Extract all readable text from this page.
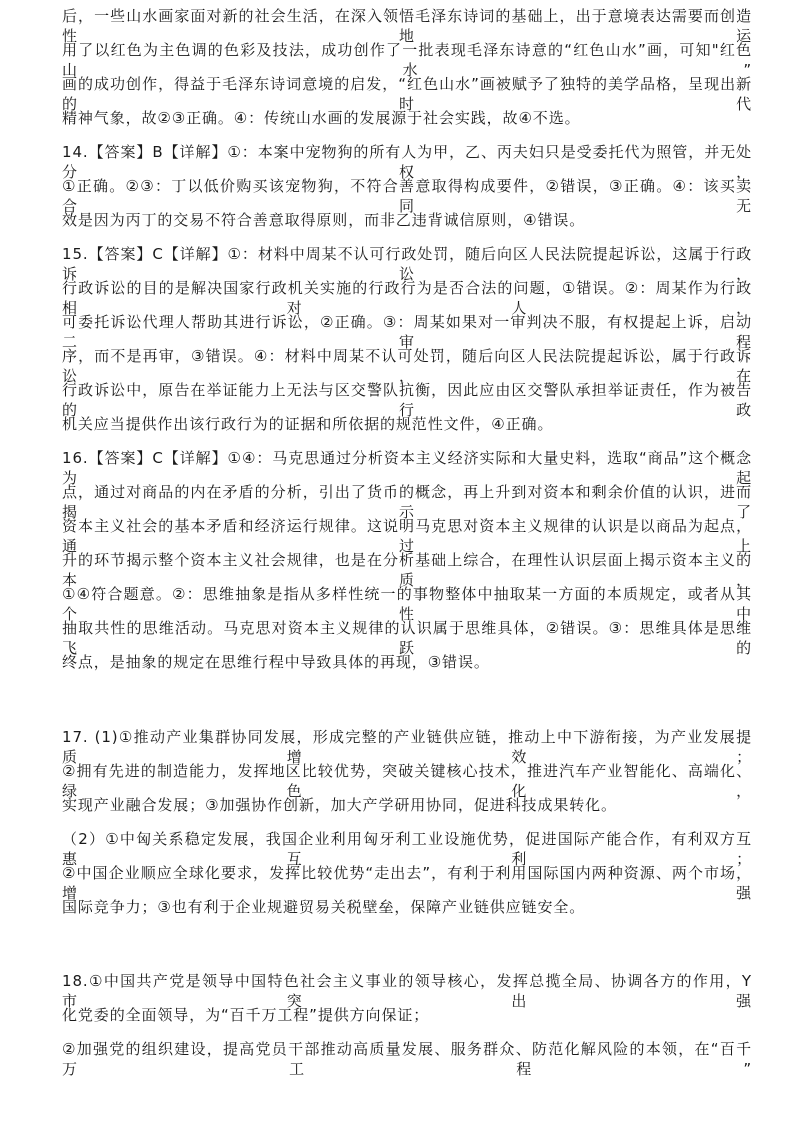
后，一些山水画家面对新的社会生活，在深入领悟毛泽东诗词的基础上，出于意境表达需要而创造性地运
用了以红色为主色调的色彩及技法，成功创作了一批表现毛泽东诗意的“红色山水”画，可知"红色山水”
画的成功创作，得益于毛泽东诗词意境的启发，“红色山水”画被赋予了独特的美学品格，呈现出新的时代
精神气象，故②③正确。④：传统山水画的发展源于社会实践，故④不选。
14.【答案】B【详解】①：本案中宠物狗的所有人为甲，乙、丙夫妇只是受委托代为照管，并无处分权，
①正确。②③：丁以低价购买该宠物狗，不符合善意取得构成要件，②错误，③正确。④：该买卖合同无
效是因为丙丁的交易不符合善意取得原则，而非乙违背诚信原则，④错误。
15.【答案】C【详解】①：材料中周某不认可行政处罚，随后向区人民法院提起诉讼，这属于行政诉讼，
行政诉讼的目的是解决国家行政机关实施的行政行为是否合法的问题，①错误。②：周某作为行政相对人，
可委托诉讼代理人帮助其进行诉讼，②正确。③：周某如果对一审判决不服，有权提起上诉，启动二审程
序，而不是再审，③错误。④：材料中周某不认可处罚，随后向区人民法院提起诉讼，属于行政诉讼，在
行政诉讼中，原告在举证能力上无法与区交警队抗衡，因此应由区交警队承担举证责任，作为被告的行政
机关应当提供作出该行政行为的证据和所依据的规范性文件，④正确。
16.【答案】C【详解】①④：马克思通过分析资本主义经济实际和大量史料，选取“商品”这个概念为起
点，通过对商品的内在矛盾的分析，引出了货币的概念，再上升到对资本和剩余价值的认识，进而揭示了
资本主义社会的基本矛盾和经济运行规律。这说明马克思对资本主义规律的认识是以商品为起点，通过上
升的环节揭示整个资本主义社会规律，也是在分析基础上综合，在理性认识层面上揭示资本主义的本质，
①④符合题意。②：思维抽象是指从多样性统一的事物整体中抽取某一方面的本质规定，或者从其个性中
抽取共性的思维活动。马克思对资本主义规律的认识属于思维具体，②错误。③：思维具体是思维飞跃的
终点，是抽象的规定在思维行程中导致具体的再现，③错误。
17. (1)①推动产业集群协同发展，形成完整的产业链供应链，推动上中下游衔接，为产业发展提质增效；
②拥有先进的制造能力，发挥地区比较优势，突破关键核心技术，推进汽车产业智能化、高端化、绿色化，
实现产业融合发展；③加强协作创新，加大产学研用协同，促进科技成果转化。
（2）①中匈关系稳定发展，我国企业利用匈牙利工业设施优势，促进国际产能合作，有利双方互惠互利；
②中国企业顺应全球化要求，发挥比较优势“走出去”，有利于利用国际国内两种资源、两个市场，增强
国际竞争力；③也有利于企业规避贸易关税壁垒，保障产业链供应链安全。
18.①中国共产党是领导中国特色社会主义事业的领导核心，发挥总揽全局、协调各方的作用，Y 市突出强
化党委的全面领导，为“百千万工程”提供方向保证；
②加强党的组织建设，提高党员干部推动高质量发展、服务群众、防范化解风险的本领，在“百千万工程”
